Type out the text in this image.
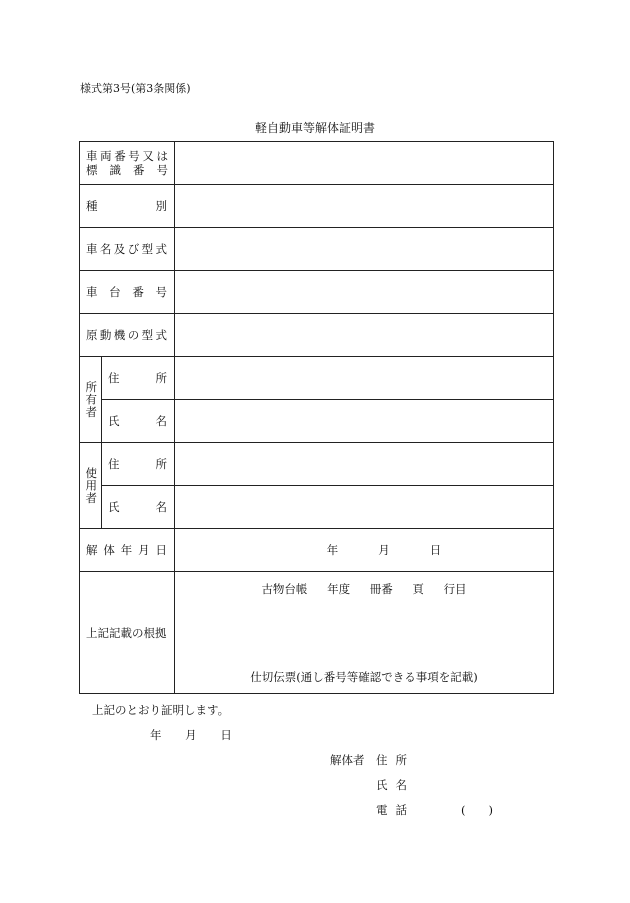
様式第3号(第3条関係)
軽自動車等解体証明書
車両番号又は
標識番号		

種別		

車名及び型式		

車台番号		

原動機の型式		

所有者	住所	

	氏名	

使用者	住所	

	氏名	

解体年月日		年 月 日

上記記載の根拠		古物台帳 年度 冊番 頁 行目
仕切伝票(通し番号等確認できる事項を記載)
上記のとおり証明します。
年 月 日
解体者	住所
氏名
電話	(　　)
